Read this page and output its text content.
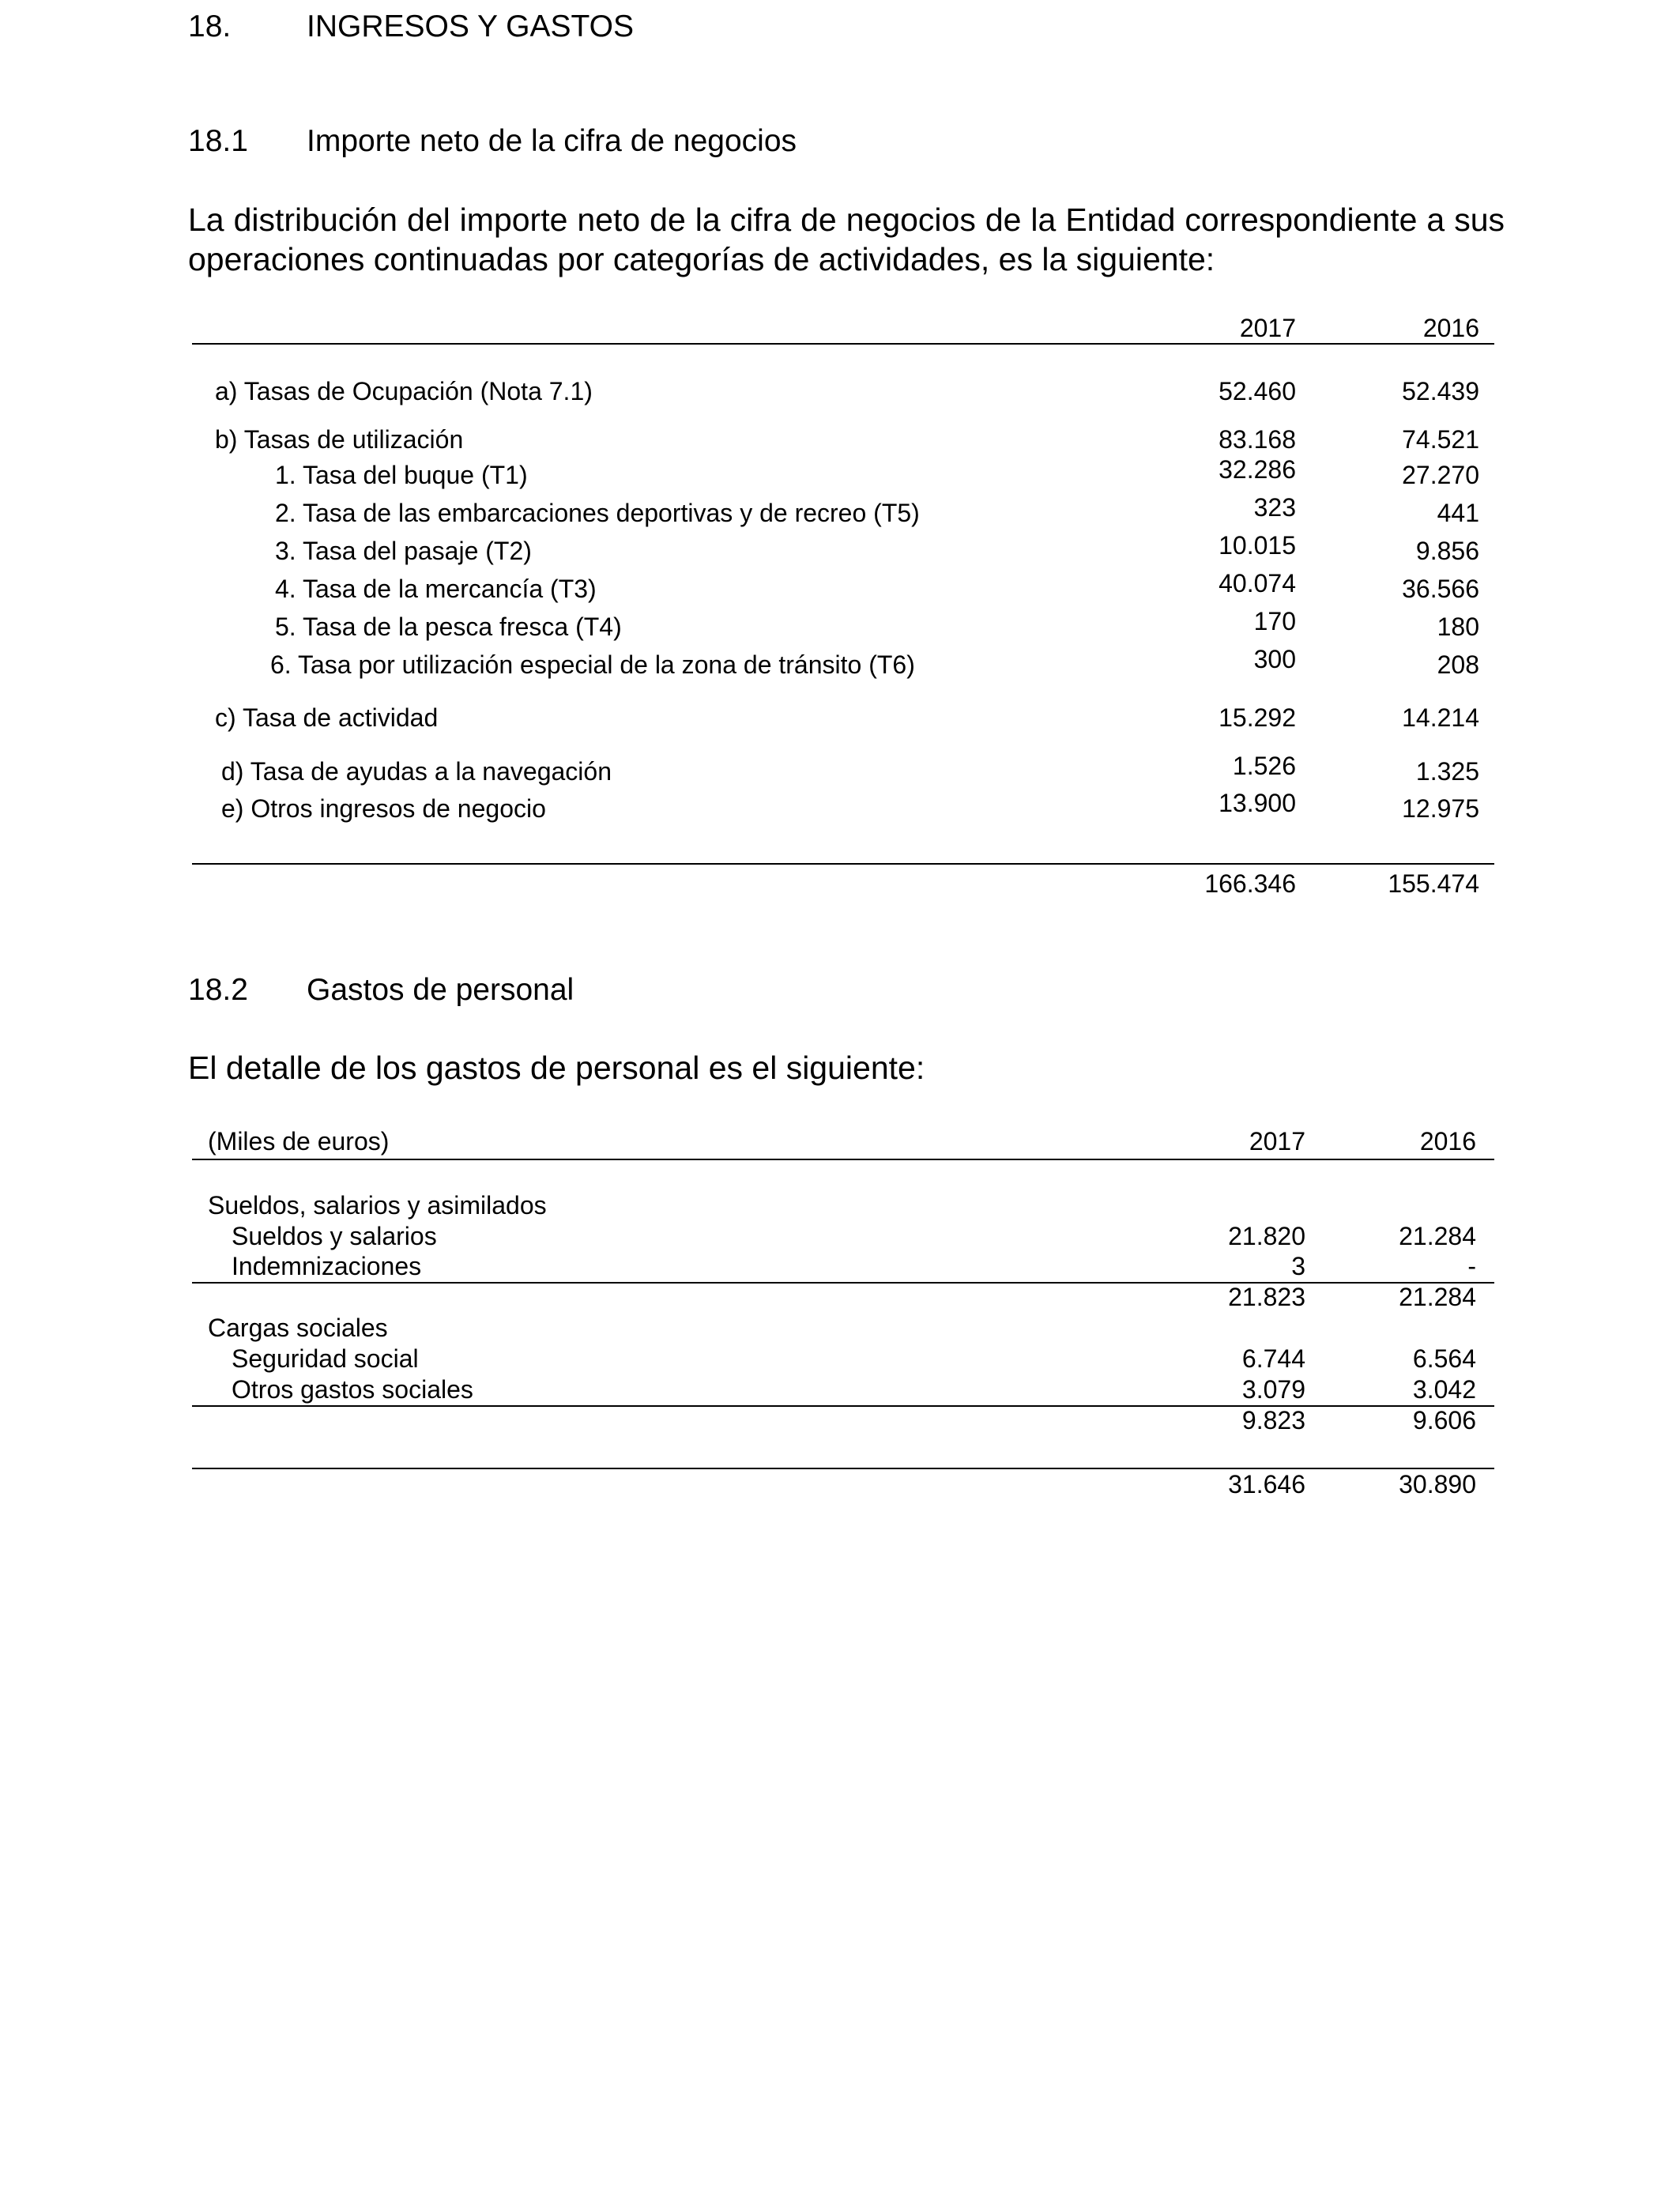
18. INGRESOS Y GASTOS
18.1 Importe neto de la cifra de negocios
La distribución del importe neto de la cifra de negocios de la Entidad correspondiente a sus operaciones continuadas por categorías de actividades, es la siguiente:
2017	2016
a) Tasas de Ocupación (Nota 7.1)	52.460	52.439
b) Tasas de utilización	83.168	74.521
1. Tasa del buque (T1)	32.286	27.270
2. Tasa de las embarcaciones deportivas y de recreo (T5)	323	441
3. Tasa del pasaje (T2)	10.015	9.856
4. Tasa de la mercancía (T3)	40.074	36.566
5. Tasa de la pesca fresca (T4)	170	180
6. Tasa por utilización especial de la zona de tránsito (T6)	300	208
c) Tasa de actividad	15.292	14.214
d) Tasa de ayudas a la navegación	1.526	1.325
e) Otros ingresos de negocio	13.900	12.975
166.346	155.474
18.2 Gastos de personal
El detalle de los gastos de personal es el siguiente:
(Miles de euros)	2017	2016
Sueldos, salarios y asimilados
Sueldos y salarios	21.820	21.284
Indemnizaciones	3	-
21.823	21.284
Cargas sociales
Seguridad social	6.744	6.564
Otros gastos sociales	3.079	3.042
9.823	9.606
31.646	30.890
